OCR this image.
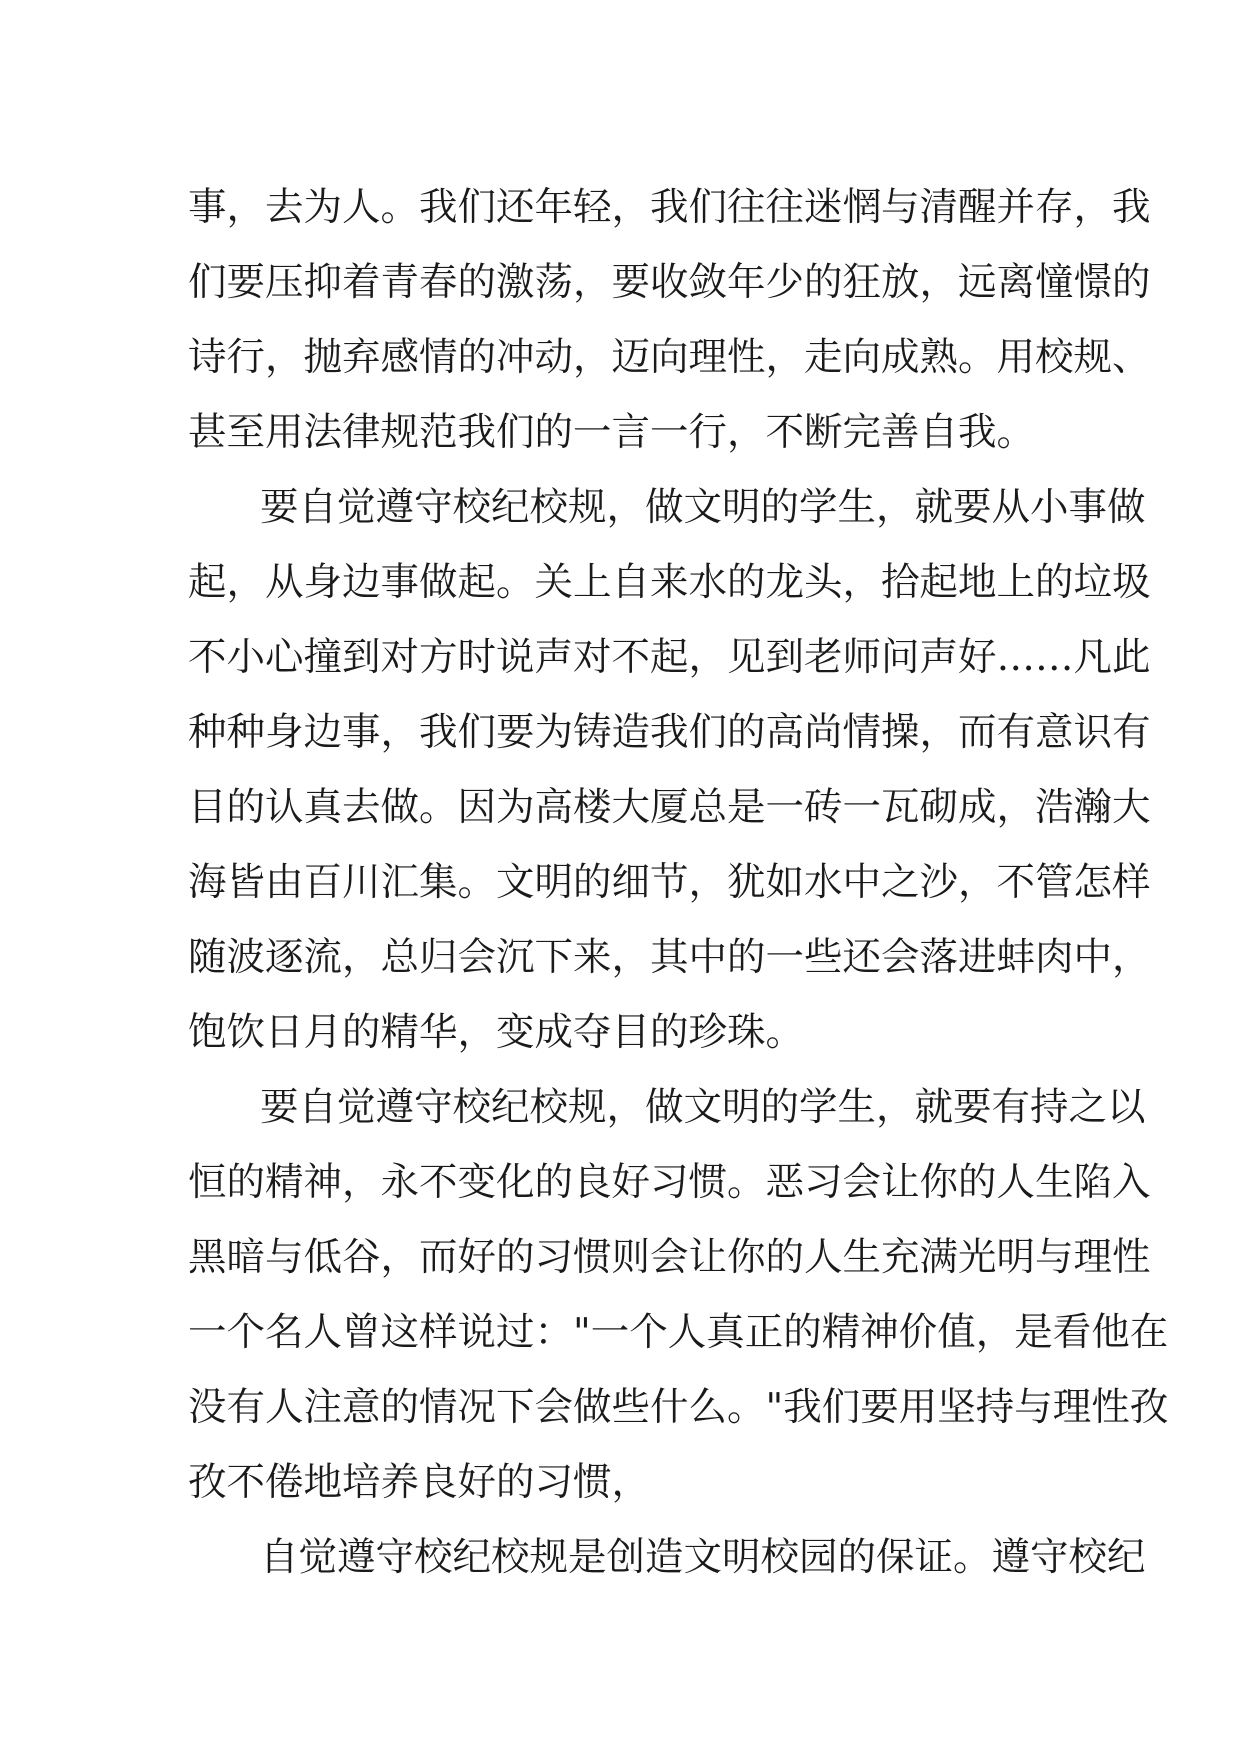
事，去为人。我们还年轻，我们往往迷惘与清醒并存，我
们要压抑着青春的激荡，要收敛年少的狂放，远离憧憬的
诗行，抛弃感情的冲动，迈向理性，走向成熟。用校规、
甚至用法律规范我们的一言一行，不断完善自我。
要自觉遵守校纪校规，做文明的学生，就要从小事做
起，从身边事做起。关上自来水的龙头，拾起地上的垃圾
不小心撞到对方时说声对不起，见到老师问声好……凡此
种种身边事，我们要为铸造我们的高尚情操，而有意识有
目的认真去做。因为高楼大厦总是一砖一瓦砌成，浩瀚大
海皆由百川汇集。文明的细节，犹如水中之沙，不管怎样
随波逐流，总归会沉下来，其中的一些还会落进蚌肉中，
饱饮日月的精华，变成夺目的珍珠。
要自觉遵守校纪校规，做文明的学生，就要有持之以
恒的精神，永不变化的良好习惯。恶习会让你的人生陷入
黑暗与低谷，而好的习惯则会让你的人生充满光明与理性
一个名人曾这样说过："一个人真正的精神价值，是看他在
没有人注意的情况下会做些什么。"我们要用坚持与理性孜
孜不倦地培养良好的习惯，
自觉遵守校纪校规是创造文明校园的保证。遵守校纪
